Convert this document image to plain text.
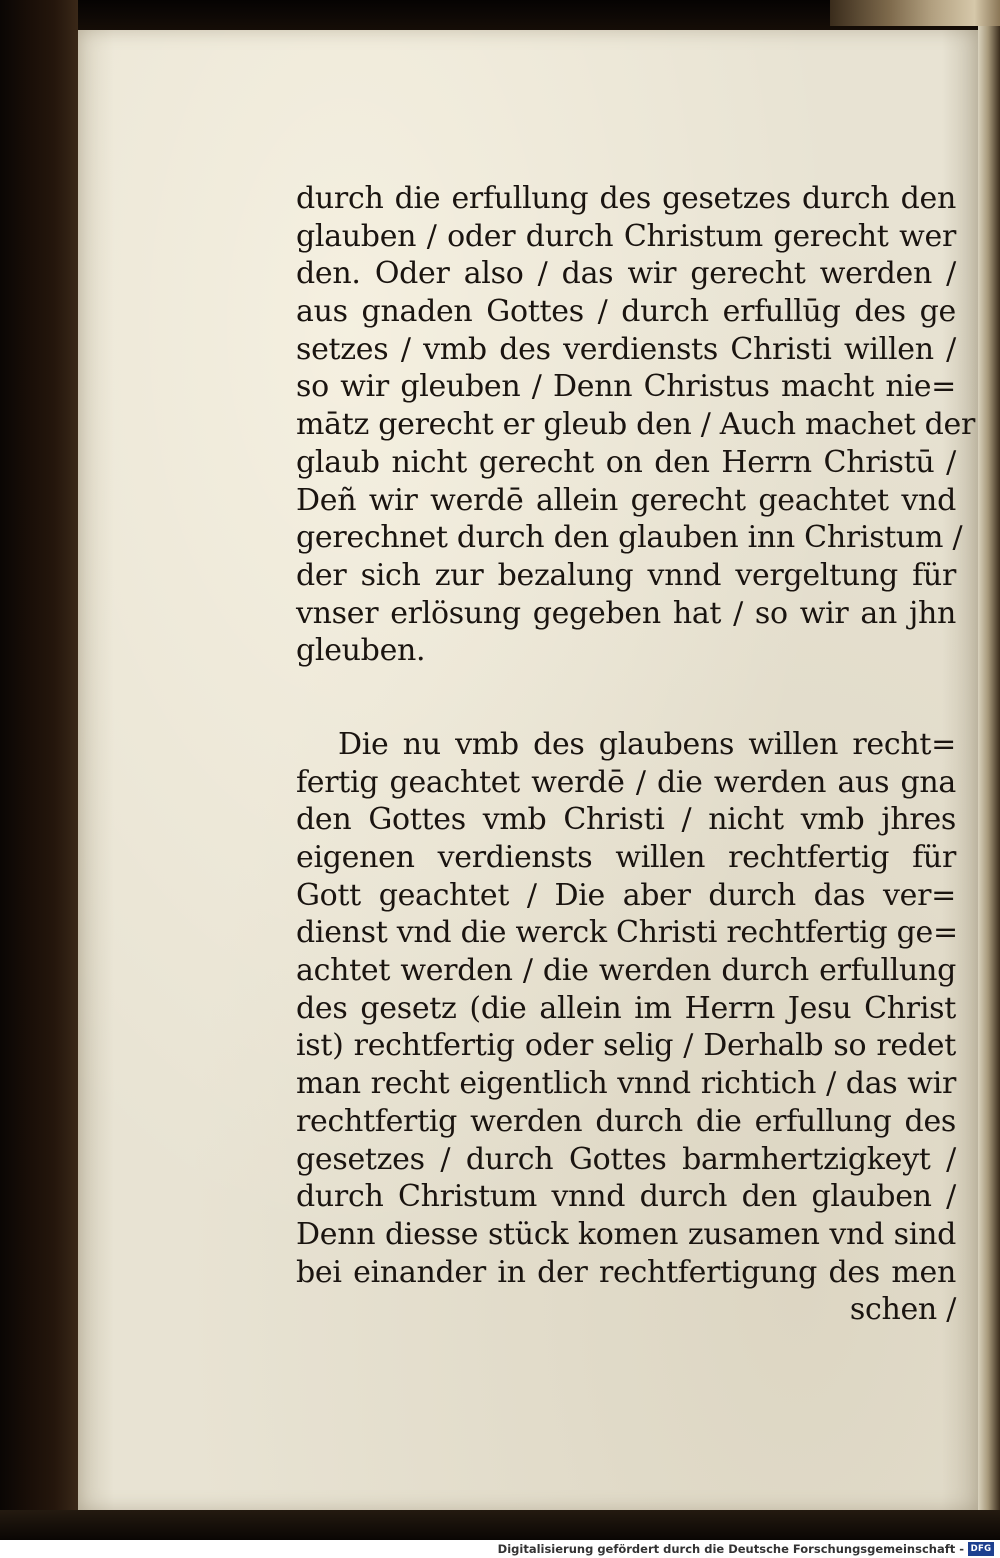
durch die erfullung des gesetzes durch den
glauben / oder durch Christum gerecht wer
den. Oder also / das wir gerecht werden /
aus gnaden Gottes / durch erfullūg des ge
setzes / vmb des verdiensts Christi willen /
so wir gleuben / Denn Christus macht nie=
mātz gerecht er gleub den / Auch machet der
glaub nicht gerecht on den Herrn Christū /
Deñ wir werdē allein gerecht geachtet vnd
gerechnet durch den glauben inn Christum /
der sich zur bezalung vnnd vergeltung für
vnser erlösung gegeben hat / so wir an jhn
gleuben.
Die nu vmb des glaubens willen recht=
fertig geachtet werdē / die werden aus gna
den Gottes vmb Christi / nicht vmb jhres
eigenen verdiensts willen rechtfertig für
Gott geachtet / Die aber durch das ver=
dienst vnd die werck Christi rechtfertig ge=
achtet werden / die werden durch erfullung
des gesetz (die allein im Herrn Jesu Christ
ist) rechtfertig oder selig / Derhalb so redet
man recht eigentlich vnnd richtich / das wir
rechtfertig werden durch die erfullung des
gesetzes / durch Gottes barmhertzigkeyt /
durch Christum vnnd durch den glauben /
Denn diesse stück komen zusamen vnd sind
bei einander in der rechtfertigung des men
schen /
Digitalisierung gefördert durch die Deutsche Forschungsgemeinschaft - DFG
